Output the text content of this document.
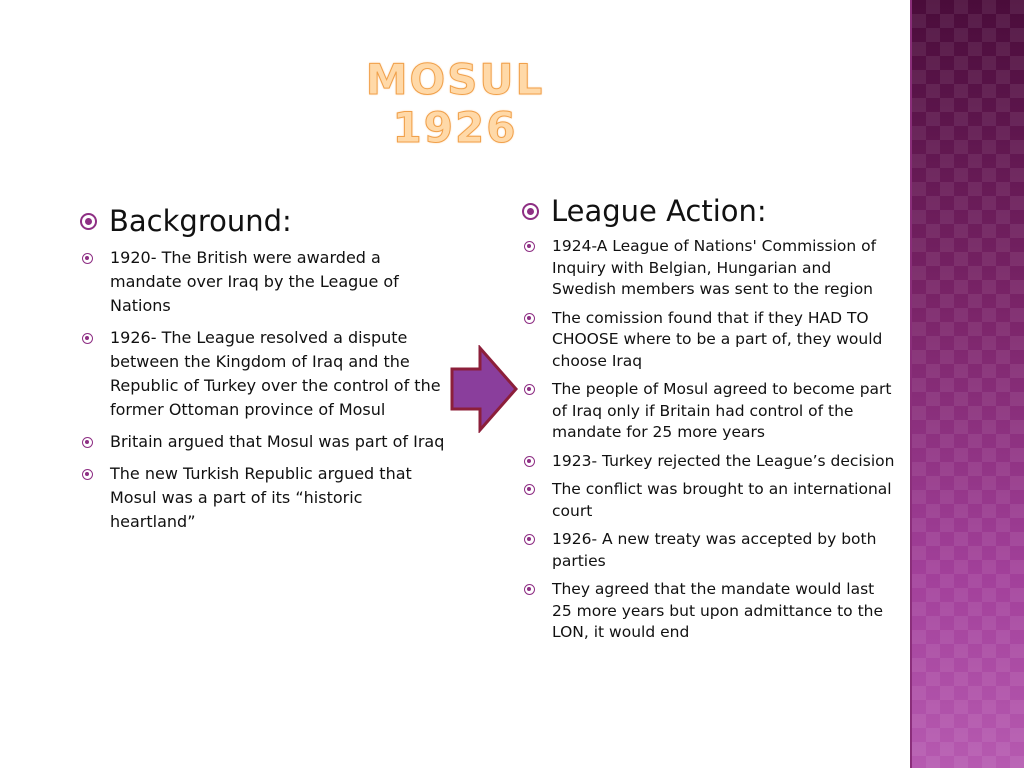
MOSUL
1926
Background:
1920- The British were awarded a mandate over Iraq by the League of Nations
1926- The League resolved a dispute between the Kingdom of Iraq and the Republic of Turkey over the control of the former Ottoman province of Mosul
Britain argued that Mosul was part of Iraq
The new Turkish Republic argued that Mosul was a part of its “historic heartland”
League Action:
1924-A League of Nations' Commission of Inquiry with Belgian, Hungarian and Swedish members was sent to the region
The comission found that if they HAD TO CHOOSE where to be a part of, they would choose Iraq
The people of Mosul agreed to become part of Iraq only if Britain had control of the mandate for 25 more years
1923- Turkey rejected the League’s decision
The conflict was brought to an international court
1926- A new treaty was accepted by both parties
They agreed that the mandate would last 25 more years but upon admittance to the LON, it would end
